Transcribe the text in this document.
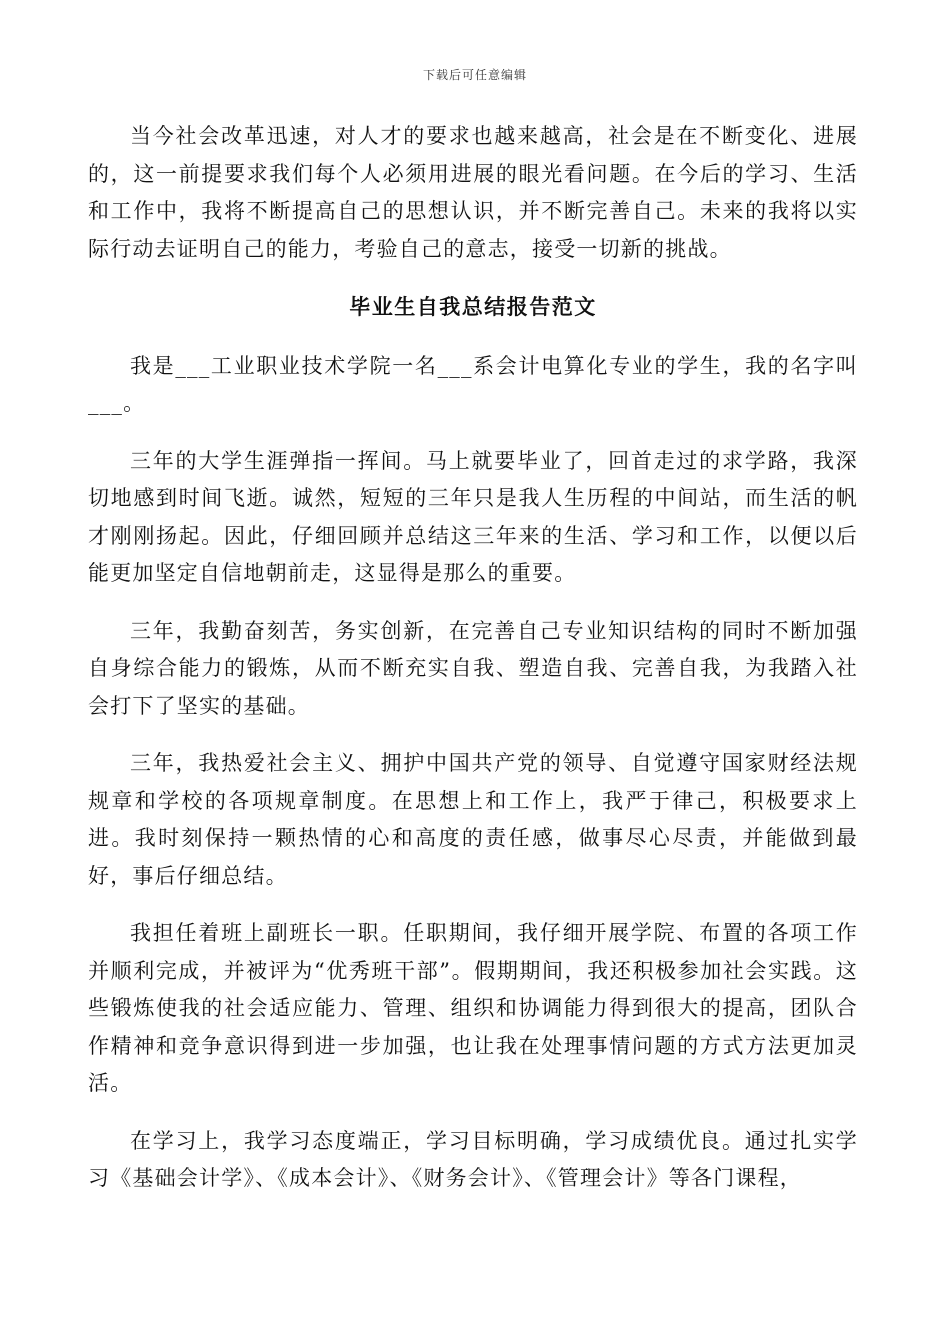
下载后可任意编辑

当今社会改革迅速，对人才的要求也越来越高，社会是在不断变化、进展的，这一前提要求我们每个人必须用进展的眼光看问题。在今后的学习、生活和工作中，我将不断提高自己的思想认识，并不断完善自己。未来的我将以实际行动去证明自己的能力，考验自己的意志，接受一切新的挑战。

毕业生自我总结报告范文

我是___工业职业技术学院一名___系会计电算化专业的学生，我的名字叫___。

三年的大学生涯弹指一挥间。马上就要毕业了，回首走过的求学路，我深切地感到时间飞逝。诚然，短短的三年只是我人生历程的中间站，而生活的帆才刚刚扬起。因此，仔细回顾并总结这三年来的生活、学习和工作，以便以后能更加坚定自信地朝前走，这显得是那么的重要。

三年，我勤奋刻苦，务实创新，在完善自己专业知识结构的同时不断加强自身综合能力的锻炼，从而不断充实自我、塑造自我、完善自我，为我踏入社会打下了坚实的基础。

三年，我热爱社会主义、拥护中国共产党的领导、自觉遵守国家财经法规规章和学校的各项规章制度。在思想上和工作上，我严于律己，积极要求上进。我时刻保持一颗热情的心和高度的责任感，做事尽心尽责，并能做到最好，事后仔细总结。

我担任着班上副班长一职。任职期间，我仔细开展学院、布置的各项工作并顺利完成，并被评为“优秀班干部”。假期期间，我还积极参加社会实践。这些锻炼使我的社会适应能力、管理、组织和协调能力得到很大的提高，团队合作精神和竞争意识得到进一步加强，也让我在处理事情问题的方式方法更加灵活。

在学习上，我学习态度端正，学习目标明确，学习成绩优良。通过扎实学习《基础会计学》、《成本会计》、《财务会计》、《管理会计》等各门课程，
